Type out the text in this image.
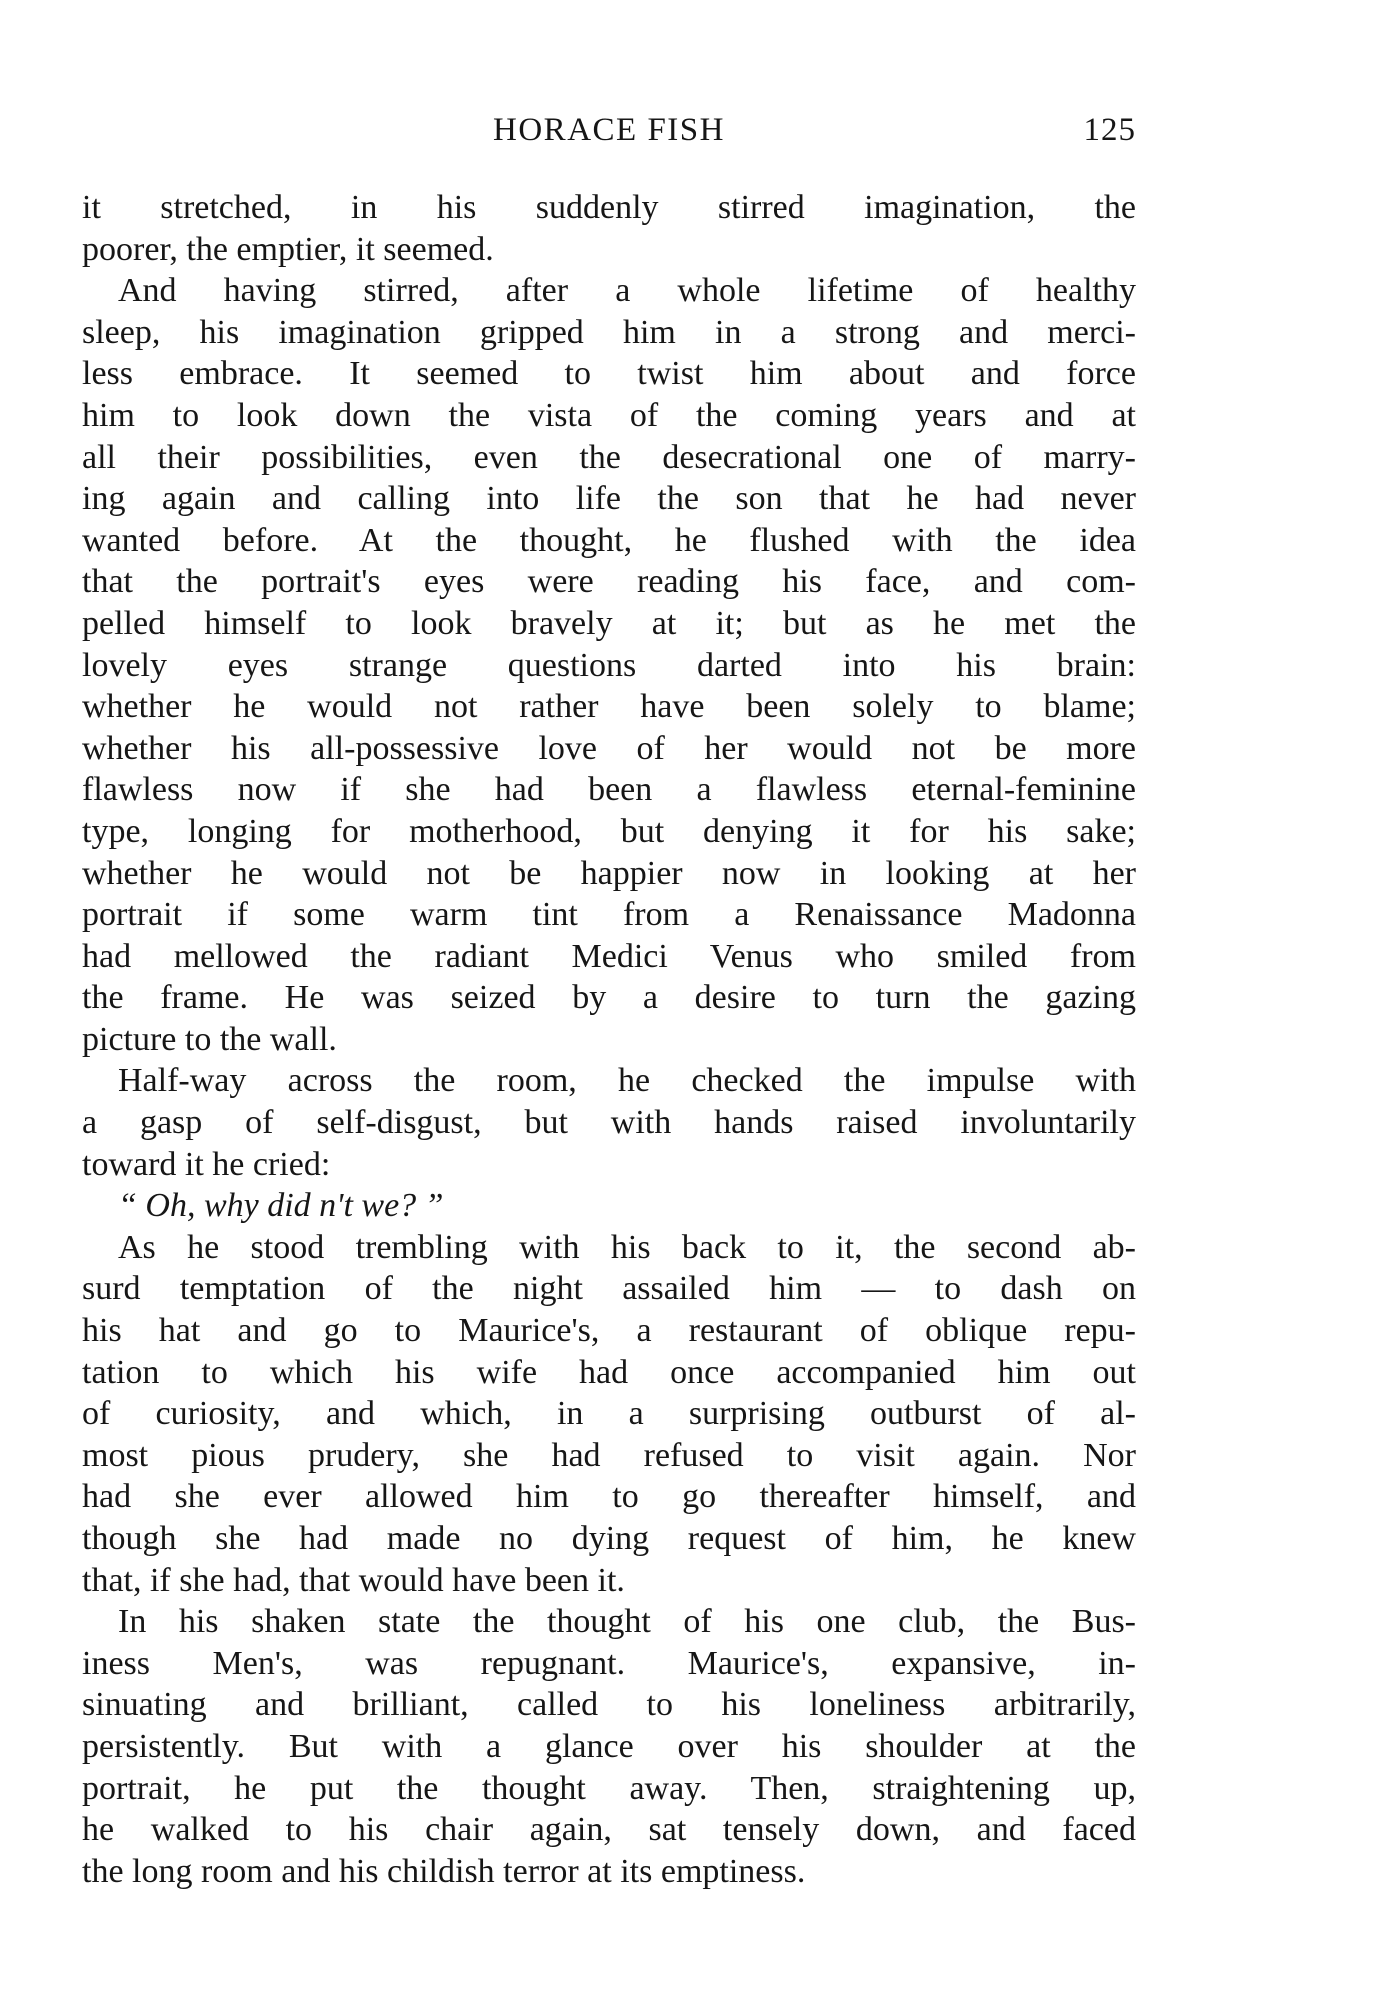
HORACE FISH	125
it stretched, in his suddenly stirred imagination, the
poorer, the emptier, it seemed.
And having stirred, after a whole lifetime of healthy
sleep, his imagination gripped him in a strong and merci-
less embrace. It seemed to twist him about and force
him to look down the vista of the coming years and at
all their possibilities, even the desecrational one of marry-
ing again and calling into life the son that he had never
wanted before. At the thought, he flushed with the idea
that the portrait's eyes were reading his face, and com-
pelled himself to look bravely at it; but as he met the
lovely eyes strange questions darted into his brain:
whether he would not rather have been solely to blame;
whether his all-possessive love of her would not be more
flawless now if she had been a flawless eternal-feminine
type, longing for motherhood, but denying it for his sake;
whether he would not be happier now in looking at her
portrait if some warm tint from a Renaissance Madonna
had mellowed the radiant Medici Venus who smiled from
the frame. He was seized by a desire to turn the gazing
picture to the wall.
Half-way across the room, he checked the impulse with
a gasp of self-disgust, but with hands raised involuntarily
toward it he cried:
“ Oh, why did n't we? ”
As he stood trembling with his back to it, the second ab-
surd temptation of the night assailed him — to dash on
his hat and go to Maurice's, a restaurant of oblique repu-
tation to which his wife had once accompanied him out
of curiosity, and which, in a surprising outburst of al-
most pious prudery, she had refused to visit again. Nor
had she ever allowed him to go thereafter himself, and
though she had made no dying request of him, he knew
that, if she had, that would have been it.
In his shaken state the thought of his one club, the Bus-
iness Men's, was repugnant. Maurice's, expansive, in-
sinuating and brilliant, called to his loneliness arbitrarily,
persistently. But with a glance over his shoulder at the
portrait, he put the thought away. Then, straightening up,
he walked to his chair again, sat tensely down, and faced
the long room and his childish terror at its emptiness.
